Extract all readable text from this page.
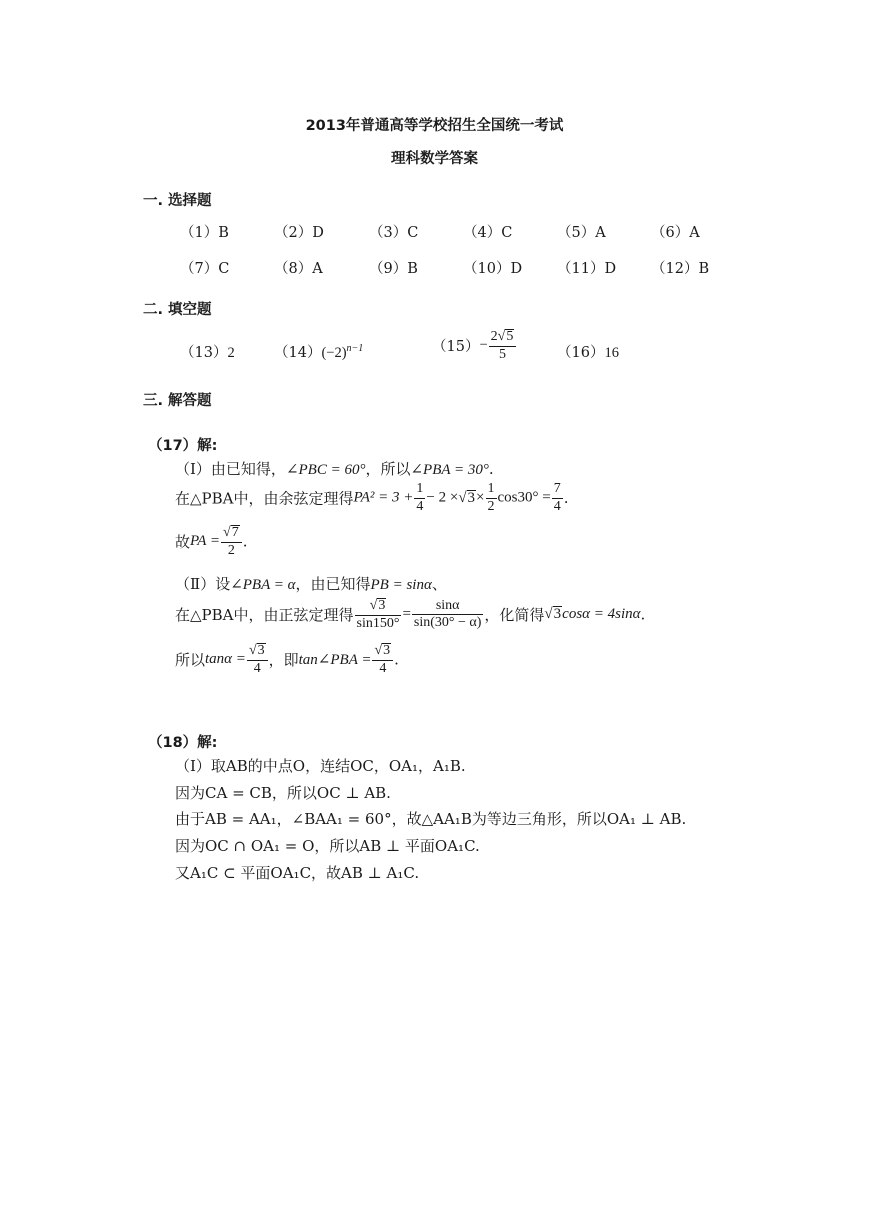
2013年普通高等学校招生全国统一考试
理科数学答案
一. 选择题
（1）B	（2）D	（3）C	（4）C	（5）A	（6）A
（7）C	（8）A	（9）B	（10）D （11）D （12）B
二. 填空题
（13）2	$(14)(-2)^{n-1}$	$(15)- \frac{2√5}{5}$	（16）16
三. 解答题
（17）解:
（Ⅰ）由已知得，∠PBC = 60°，所以∠PBA = 30°.
在△PBA中，由余弦定理得$PA^2 = 3 + \frac{1}{4} - 2 \times√3\times \frac{1}{2} \cos 30^\circ = \frac{7}{4}$ .
故PA = $\frac{√7}{2}$ .
（Ⅱ）设∠PBA = α，由已知得PB = sinα、
在△PBA中，由正弦定理得 $\frac{√3}{\sin 150^\circ} = \frac{\sin\alpha}{\sin(30^\circ - \alpha)}$ ，化简得√3cosα = 4sinα.
所以$\tan\alpha = \frac{√3}{4}$ ，即tan∠PBA = $\frac{√3}{4}$ .
（18）解:
（Ⅰ）取AB的中点O，连结OC，OA₁，A₁B.
因为CA = CB，所以OC ⊥ AB.
由于AB = AA₁，∠BAA₁ = 60°，故△AA₁B为等边三角形，所以OA₁ ⊥ AB.
因为OC ∩ OA₁ = O，所以AB ⊥ 平面OA₁C.
又A₁C ⊂ 平面OA₁C，故AB ⊥ A₁C.
